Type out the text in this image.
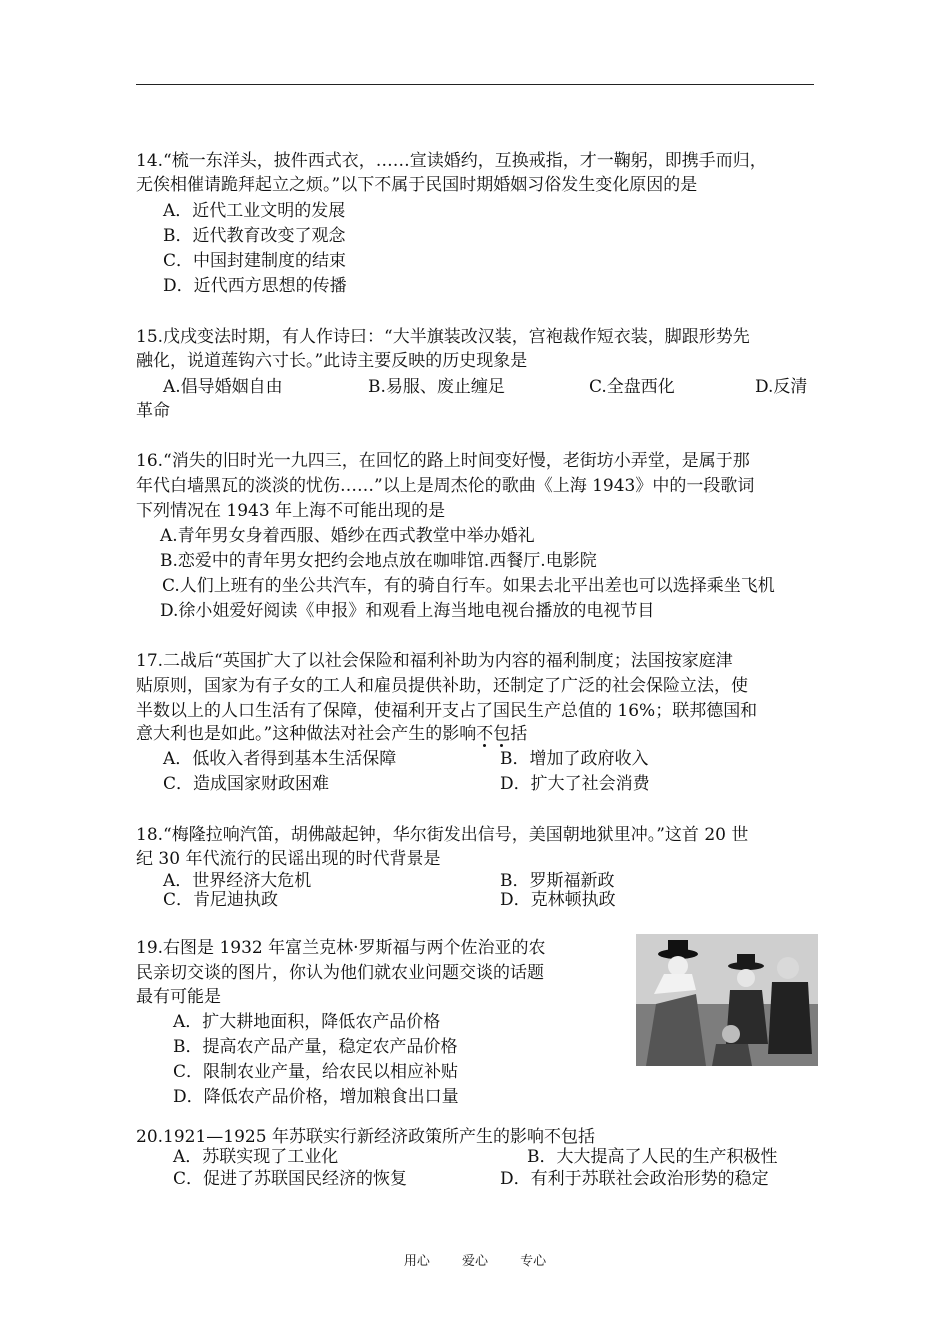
14.“梳一东洋头，披件西式衣，……宣读婚约，互换戒指，才一鞠躬，即携手而归，
无俟相催请跪拜起立之烦。”以下不属于民国时期婚姻习俗发生变化原因的是
A．近代工业文明的发展
B．近代教育改变了观念
C．中国封建制度的结束
D．近代西方思想的传播
15.戊戌变法时期，有人作诗曰：“大半旗装改汉装，宫袍裁作短衣装，脚跟形势先
融化，说道莲钩六寸长。”此诗主要反映的历史现象是
A.倡导婚姻自由	B.易服、废止缠足	C.全盘西化	D.反清
革命
16.“消失的旧时光一九四三，在回忆的路上时间变好慢，老街坊小弄堂，是属于那
年代白墙黑瓦的淡淡的忧伤……”以上是周杰伦的歌曲《上海 1943》中的一段歌词
下列情况在 1943 年上海不可能出现的是
A.青年男女身着西服、婚纱在西式教堂中举办婚礼
B.恋爱中的青年男女把约会地点放在咖啡馆.西餐厅.电影院
C.人们上班有的坐公共汽车，有的骑自行车。如果去北平出差也可以选择乘坐飞机
D.徐小姐爱好阅读《申报》和观看上海当地电视台播放的电视节目
17.二战后“英国扩大了以社会保险和福利补助为内容的福利制度；法国按家庭津
贴原则，国家为有子女的工人和雇员提供补助，还制定了广泛的社会保险立法，使
半数以上的人口生活有了保障，使福利开支占了国民生产总值的 16%；联邦德国和
意大利也是如此。”这种做法对社会产生的影响不包括
A．低收入者得到基本生活保障	B．增加了政府收入
C．造成国家财政困难	D．扩大了社会消费
18.“梅隆拉响汽笛，胡佛敲起钟，华尔街发出信号，美国朝地狱里冲。”这首 20 世
纪 30 年代流行的民谣出现的时代背景是
A．世界经济大危机	B．罗斯福新政
C．肯尼迪执政	D．克林顿执政
19.右图是 1932 年富兰克林·罗斯福与两个佐治亚的农
民亲切交谈的图片，你认为他们就农业问题交谈的话题
最有可能是
A．扩大耕地面积，降低农产品价格
B．提高农产品产量，稳定农产品价格
C．限制农业产量，给农民以相应补贴
D．降低农产品价格，增加粮食出口量
20.1921—1925 年苏联实行新经济政策所产生的影响不包括
A．苏联实现了工业化	B．大大提高了人民的生产积极性
C．促进了苏联国民经济的恢复	D．有利于苏联社会政治形势的稳定
用心 爱心 专心
